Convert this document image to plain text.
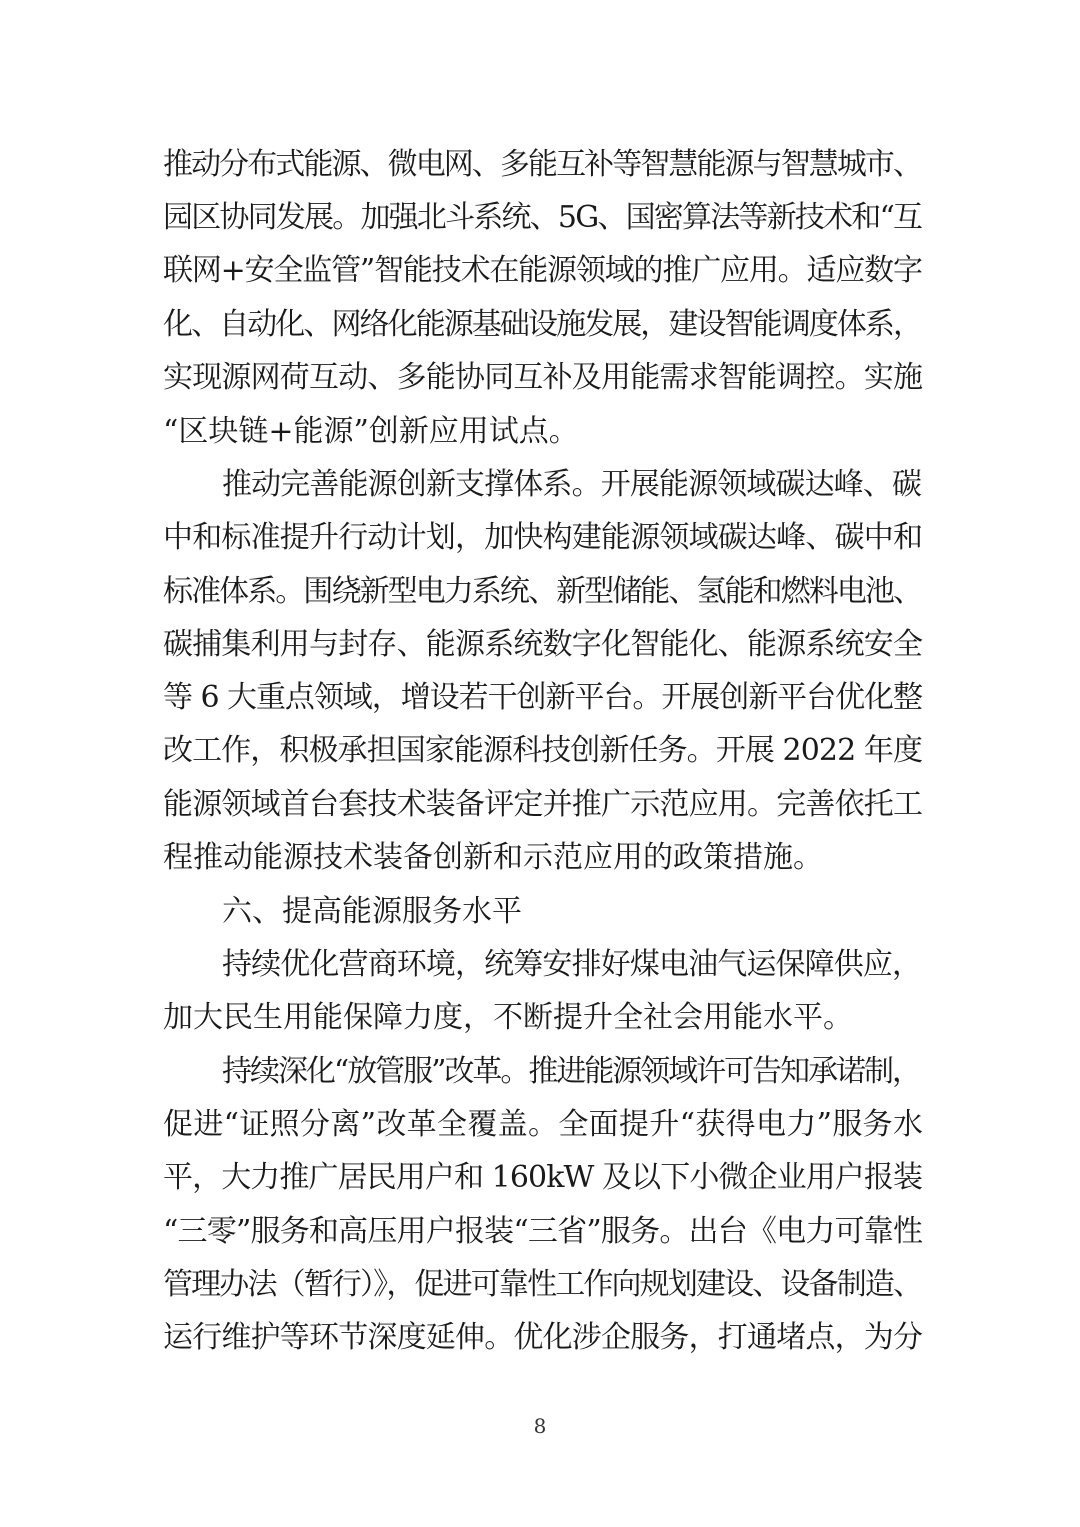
推动分布式能源、微电网、多能互补等智慧能源与智慧城市、
园区协同发展。加强北斗系统、5G、国密算法等新技术和“互
联网+安全监管”智能技术在能源领域的推广应用。适应数字
化、自动化、网络化能源基础设施发展，建设智能调度体系，
实现源网荷互动、多能协同互补及用能需求智能调控。实施
“区块链+能源”创新应用试点。
推动完善能源创新支撑体系。开展能源领域碳达峰、碳
中和标准提升行动计划，加快构建能源领域碳达峰、碳中和
标准体系。围绕新型电力系统、新型储能、氢能和燃料电池、
碳捕集利用与封存、能源系统数字化智能化、能源系统安全
等 6 大重点领域，增设若干创新平台。开展创新平台优化整
改工作，积极承担国家能源科技创新任务。开展 2022 年度
能源领域首台套技术装备评定并推广示范应用。完善依托工
程推动能源技术装备创新和示范应用的政策措施。
六、提高能源服务水平
持续优化营商环境，统筹安排好煤电油气运保障供应，
加大民生用能保障力度，不断提升全社会用能水平。
持续深化“放管服”改革。推进能源领域许可告知承诺制，
促进“证照分离”改革全覆盖。全面提升“获得电力”服务水
平，大力推广居民用户和 160kW 及以下小微企业用户报装
“三零”服务和高压用户报装“三省”服务。出台《电力可靠性
管理办法（暂行）》，促进可靠性工作向规划建设、设备制造、
运行维护等环节深度延伸。优化涉企服务，打通堵点，为分
8
